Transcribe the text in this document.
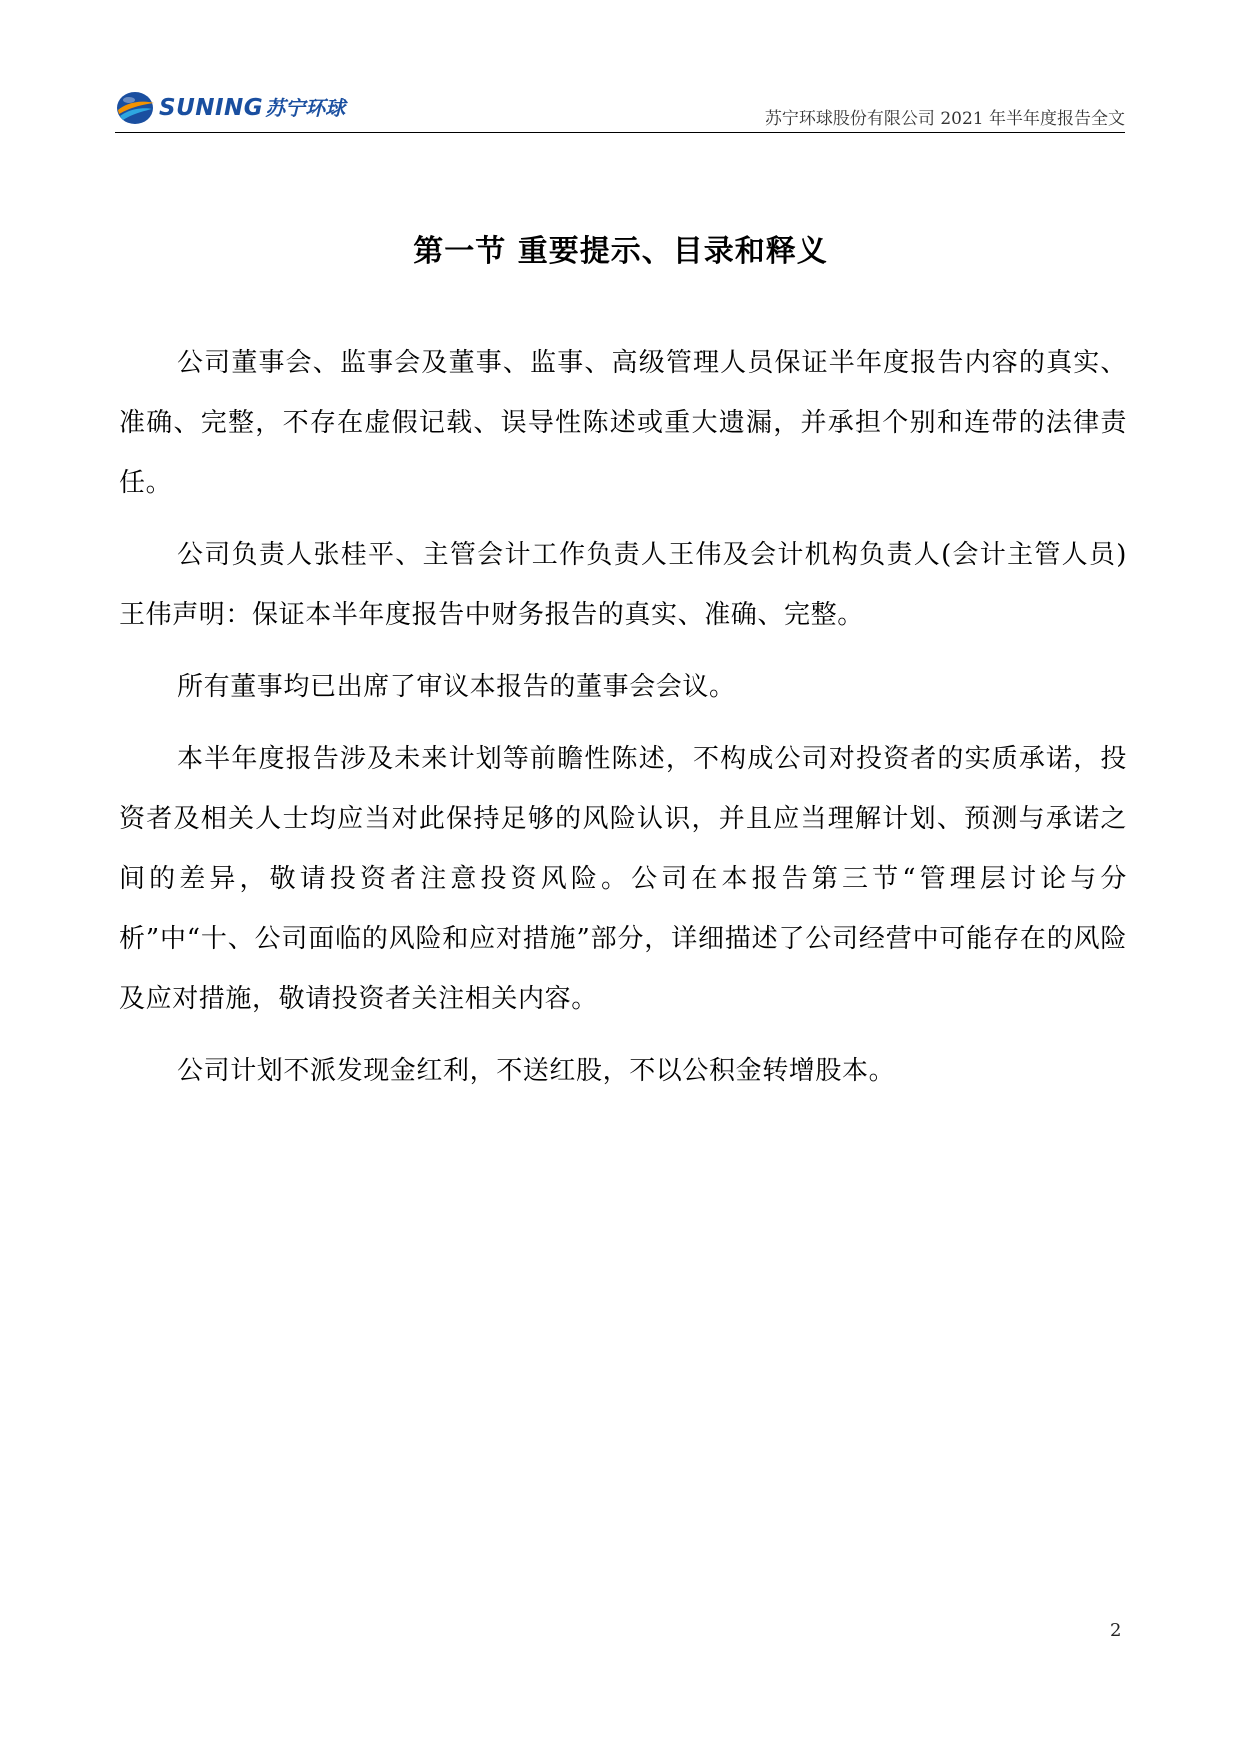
SUNING 苏宁环球	苏宁环球股份有限公司 2021 年半年度报告全文
第一节 重要提示、目录和释义

公司董事会、监事会及董事、监事、高级管理人员保证半年度报告内容的真实、准确、完整，不存在虚假记载、误导性陈述或重大遗漏，并承担个别和连带的法律责任。

公司负责人张桂平、主管会计工作负责人王伟及会计机构负责人(会计主管人员)王伟声明：保证本半年度报告中财务报告的真实、准确、完整。

所有董事均已出席了审议本报告的董事会会议。

本半年度报告涉及未来计划等前瞻性陈述，不构成公司对投资者的实质承诺，投资者及相关人士均应当对此保持足够的风险认识，并且应当理解计划、预测与承诺之间的差异，敬请投资者注意投资风险。公司在本报告第三节“管理层讨论与分析”中“十、公司面临的风险和应对措施”部分，详细描述了公司经营中可能存在的风险及应对措施，敬请投资者关注相关内容。

公司计划不派发现金红利，不送红股，不以公积金转增股本。

2
